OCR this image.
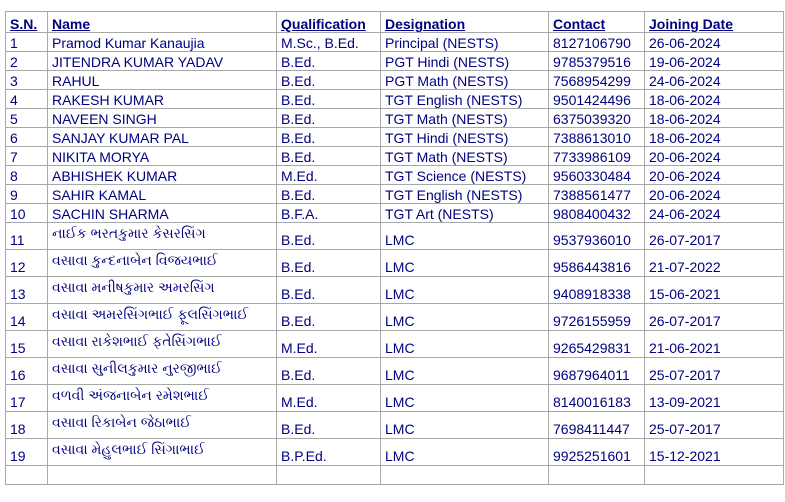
S.N.	Name	Qualification	Designation	Contact	Joining Date
1	Pramod Kumar Kanaujia	M.Sc., B.Ed.	Principal (NESTS)	8127106790	26-06-2024
2	JITENDRA KUMAR YADAV	B.Ed.	PGT Hindi (NESTS)	9785379516	19-06-2024
3	RAHUL	B.Ed.	PGT Math (NESTS)	7568954299	24-06-2024
4	RAKESH KUMAR	B.Ed.	TGT English (NESTS)	9501424496	18-06-2024
5	NAVEEN SINGH	B.Ed.	TGT Math (NESTS)	6375039320	18-06-2024
6	SANJAY KUMAR PAL	B.Ed.	TGT Hindi (NESTS)	7388613010	18-06-2024
7	NIKITA MORYA	B.Ed.	TGT Math (NESTS)	7733986109	20-06-2024
8	ABHISHEK KUMAR	M.Ed.	TGT Science (NESTS)	9560330484	20-06-2024
9	SAHIR KAMAL	B.Ed.	TGT English (NESTS)	7388561477	20-06-2024
10	SACHIN SHARMA	B.F.A.	TGT Art (NESTS)	9808400432	24-06-2024
11	નાઈક ભરતકુમાર કેસરસિંગ	B.Ed.	LMC	9537936010	26-07-2017
12	વસાવા કુન્દનાબેન વિજયભાઈ	B.Ed.	LMC	9586443816	21-07-2022
13	વસાવા મનીષકુમાર અમરસિંગ	B.Ed.	LMC	9408918338	15-06-2021
14	વસાવા અમરસિંગભાઈ ફૂલસિંગભાઈ	B.Ed.	LMC	9726155959	26-07-2017
15	વસાવા રાકેશભાઈ ફતેસિંગભાઈ	M.Ed.	LMC	9265429831	21-06-2021
16	વસાવા સુનીલકુમાર નુરજીભાઈ	B.Ed.	LMC	9687964011	25-07-2017
17	વળવી અંજનાબેન રમેશભાઈ	M.Ed.	LMC	8140016183	13-09-2021
18	વસાવા રિકાબેન જેઠાભાઈ	B.Ed.	LMC	7698411447	25-07-2017
19	વસાવા મેહુલભાઈ સિંગાભાઈ	B.P.Ed.	LMC	9925251601	15-12-2021
